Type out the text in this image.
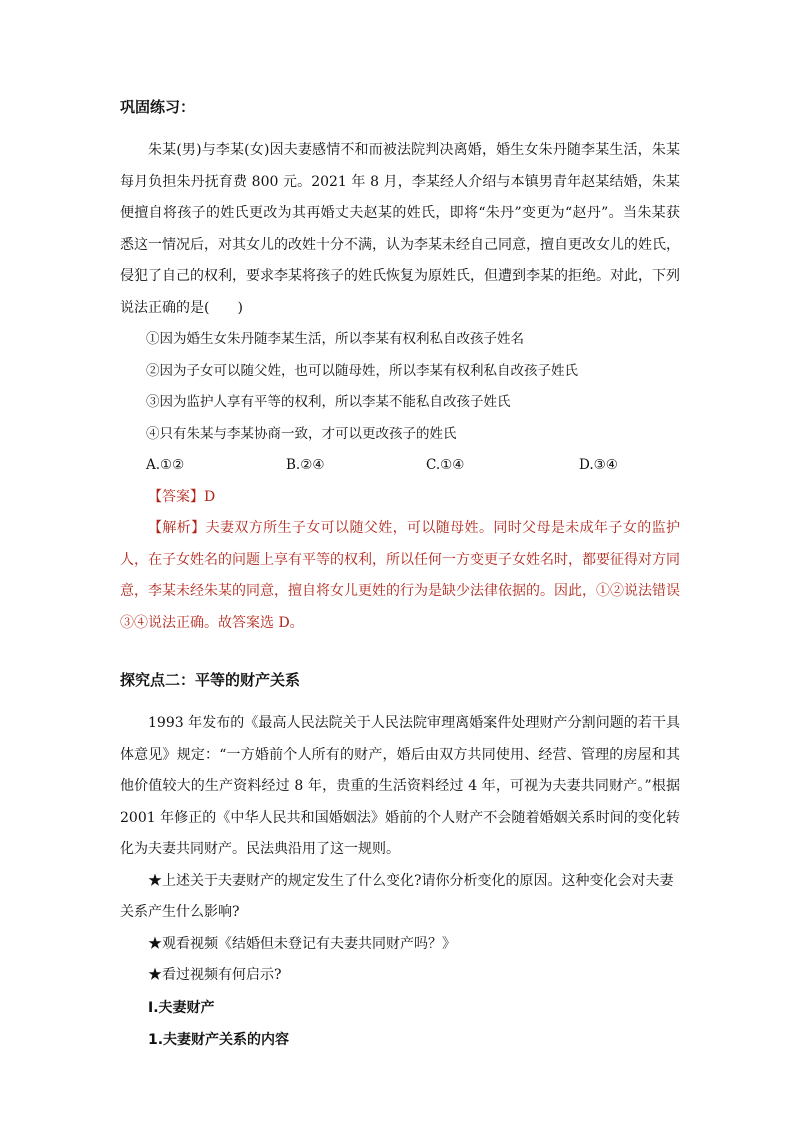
巩固练习：

朱某(男)与李某(女)因夫妻感情不和而被法院判决离婚，婚生女朱丹随李某生活，朱某每月负担朱丹抚育费 800 元。2021 年 8 月，李某经人介绍与本镇男青年赵某结婚，朱某便擅自将孩子的姓氏更改为其再婚丈夫赵某的姓氏，即将“朱丹”变更为“赵丹”。当朱某获悉这一情况后，对其女儿的改姓十分不满，认为李某未经自己同意，擅自更改女儿的姓氏，侵犯了自己的权利，要求李某将孩子的姓氏恢复为原姓氏，但遭到李某的拒绝。对此，下列说法正确的是(　　)

①因为婚生女朱丹随李某生活，所以李某有权利私自改孩子姓名

②因为子女可以随父姓，也可以随母姓，所以李某有权利私自改孩子姓氏

③因为监护人享有平等的权利，所以李某不能私自改孩子姓氏

④只有朱某与李某协商一致，才可以更改孩子的姓氏

A.①②	B.②④	C.①④	D.③④

【答案】D

【解析】夫妻双方所生子女可以随父姓，可以随母姓。同时父母是未成年子女的监护人，在子女姓名的问题上享有平等的权利，所以任何一方变更子女姓名时，都要征得对方同意，李某未经朱某的同意，擅自将女儿更姓的行为是缺少法律依据的。因此，①②说法错误 ③④说法正确。故答案选 D。

探究点二：平等的财产关系

1993 年发布的《最高人民法院关于人民法院审理离婚案件处理财产分割问题的若干具体意见》规定：“一方婚前个人所有的财产，婚后由双方共同使用、经营、管理的房屋和其他价值较大的生产资料经过 8 年，贵重的生活资料经过 4 年，可视为夫妻共同财产。”根据 2001 年修正的《中华人民共和国婚姻法》婚前的个人财产不会随着婚姻关系时间的变化转化为夫妻共同财产。民法典沿用了这一规则。

★上述关于夫妻财产的规定发生了什么变化?请你分析变化的原因。这种变化会对夫妻关系产生什么影响?

★观看视频《结婚但未登记有夫妻共同财产吗？》

★看过视频有何启示?

Ⅰ.夫妻财产

1.夫妻财产关系的内容
